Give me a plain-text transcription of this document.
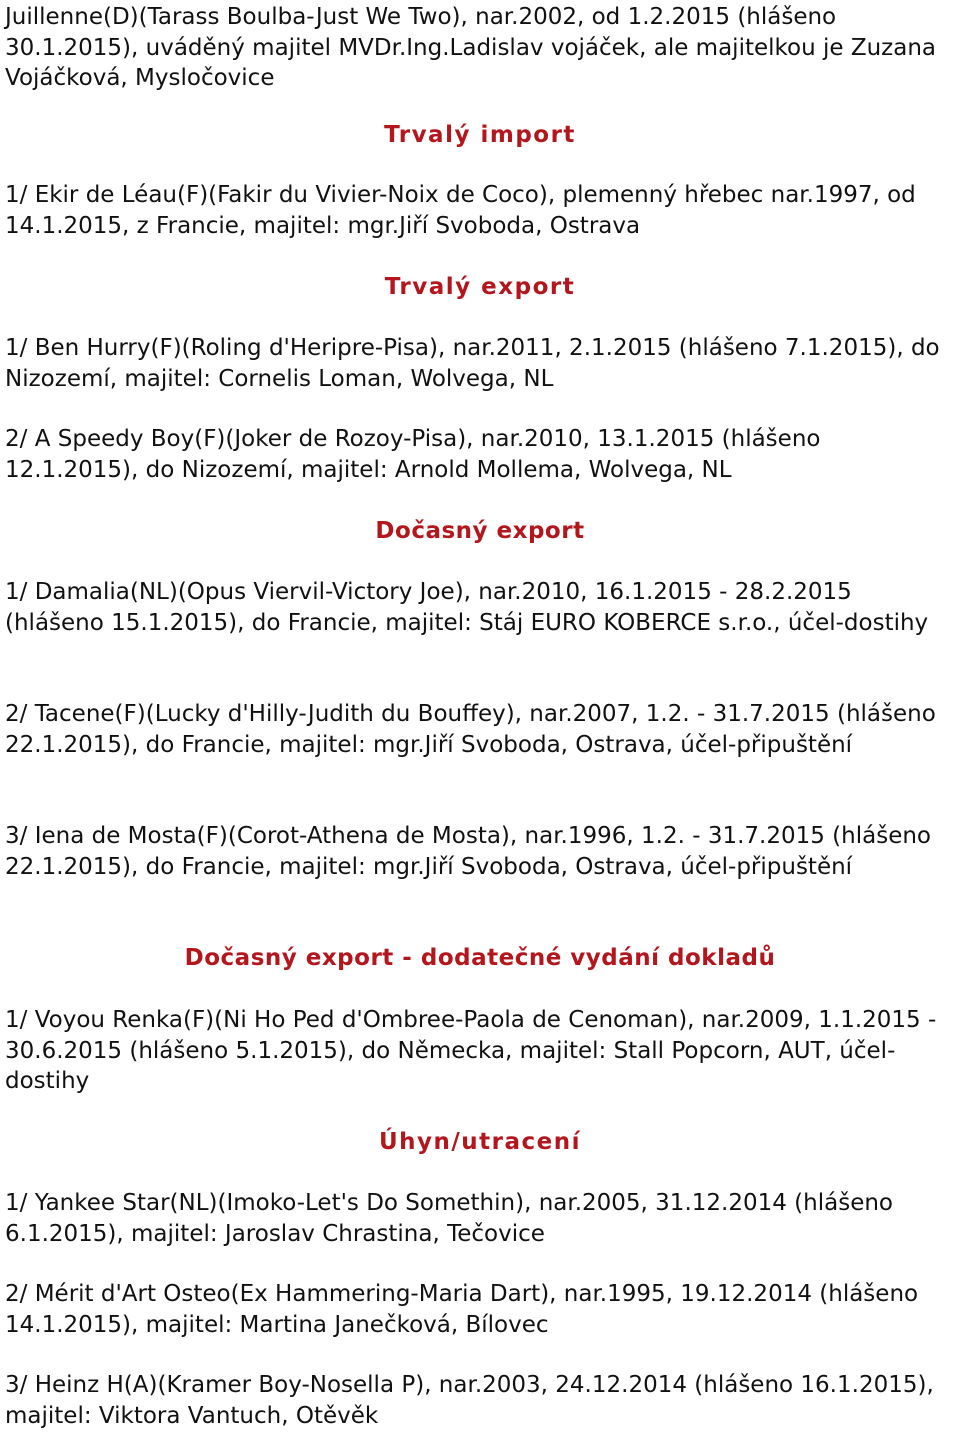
Juillenne(D)(Tarass Boulba-Just We Two), nar.2002, od 1.2.2015 (hlášeno 30.1.2015), uváděný majitel MVDr.Ing.Ladislav vojáček, ale majitelkou je Zuzana Vojáčková, Mysločovice

Trvalý import

1/ Ekir de Léau(F)(Fakir du Vivier-Noix de Coco), plemenný hřebec nar.1997, od 14.1.2015, z Francie, majitel: mgr.Jiří Svoboda, Ostrava

Trvalý export

1/ Ben Hurry(F)(Roling d'Heripre-Pisa), nar.2011, 2.1.2015 (hlášeno 7.1.2015), do Nizozemí, majitel: Cornelis Loman, Wolvega, NL

2/ A Speedy Boy(F)(Joker de Rozoy-Pisa), nar.2010, 13.1.2015 (hlášeno 12.1.2015), do Nizozemí, majitel: Arnold Mollema, Wolvega, NL

Dočasný export

1/ Damalia(NL)(Opus Viervil-Victory Joe), nar.2010, 16.1.2015 - 28.2.2015 (hlášeno 15.1.2015), do Francie, majitel: Stáj EURO KOBERCE s.r.o., účel-dostihy

2/ Tacene(F)(Lucky d'Hilly-Judith du Bouffey), nar.2007, 1.2. - 31.7.2015 (hlášeno 22.1.2015), do Francie, majitel: mgr.Jiří Svoboda, Ostrava, účel-připuštění

3/ Iena de Mosta(F)(Corot-Athena de Mosta), nar.1996, 1.2. - 31.7.2015 (hlášeno 22.1.2015), do Francie, majitel: mgr.Jiří Svoboda, Ostrava, účel-připuštění

Dočasný export - dodatečné vydání dokladů

1/ Voyou Renka(F)(Ni Ho Ped d'Ombree-Paola de Cenoman), nar.2009, 1.1.2015 - 30.6.2015 (hlášeno 5.1.2015), do Německa, majitel: Stall Popcorn, AUT, účel-dostihy

Úhyn/utracení

1/ Yankee Star(NL)(Imoko-Let's Do Somethin), nar.2005, 31.12.2014 (hlášeno 6.1.2015), majitel: Jaroslav Chrastina, Tečovice

2/ Mérit d'Art Osteo(Ex Hammering-Maria Dart), nar.1995, 19.12.2014 (hlášeno 14.1.2015), majitel: Martina Janečková, Bílovec

3/ Heinz H(A)(Kramer Boy-Nosella P), nar.2003, 24.12.2014 (hlášeno 16.1.2015), majitel: Viktora Vantuch, Otěvěk
